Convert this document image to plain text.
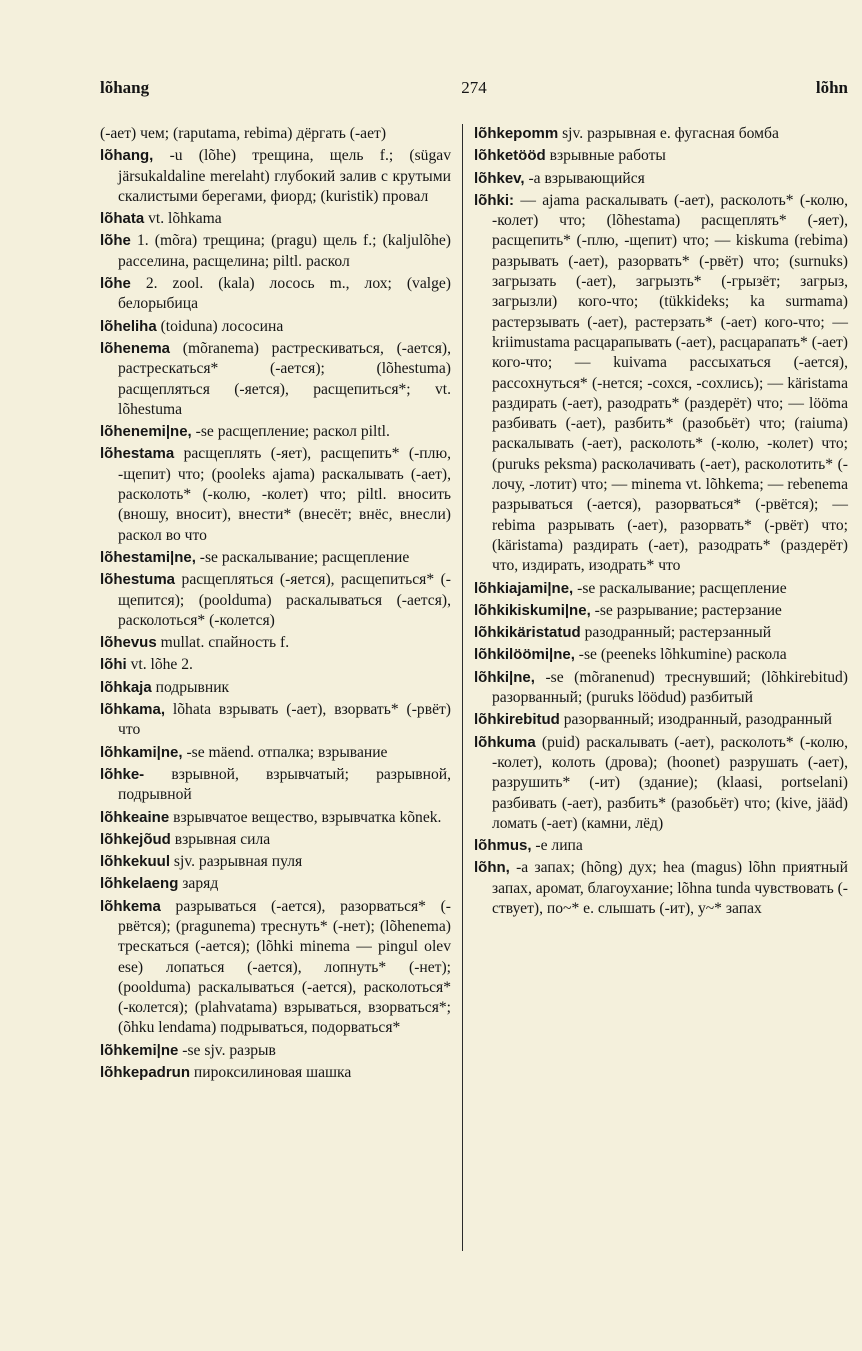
lõhang	274	lõhn

(-ает) чем; (raputama, rebima) дёргать (-ает)

lõhang, -u (lõhe) трещина, щель f.; (sügav järsukaldaline merelaht) глубокий залив с крутыми скалистыми берегами, фиорд; (kuristik) провал

lõhata vt. lõhkama

lõhe 1. (mõra) трещина; (pragu) щель f.; (kaljulõhe) расселина, расщелина; piltl. раскол

lõhe 2. zool. (kala) лосось m., лох; (valge) белорыбица

lõheliha (toiduna) лососина

lõhenema (mõranema) растрескиваться, (-ается), растрескаться* (-ается); (lõhestuma) расщепляться (-яется), расщепиться*; vt. lõhestuma

lõhenemi|ne, -se расщепление; раскол piltl.

lõhestama расщеплять (-яет), расщепить* (-плю, -щепит) что; (pooleks ajama) раскалывать (-ает), расколоть* (-колю, -колет) что; piltl. вносить (вношу, вносит), внести* (внесёт; внёс, внесли) раскол во что

lõhestami|ne, -se раскалывание; расщепление

lõhestuma расщепляться (-яется), расщепиться* (-щепится); (pooldumа) раскалываться (-ается), расколоться* (-колется)

lõhevus mullat. спайность f.

lõhi vt. lõhe 2.

lõhkaja подрывник

lõhkama, lõhata взрывать (-ает), взорвать* (-рвёт) что

lõhkami|ne, -se mäend. отпалка; взрывание

lõhke- взрывной, взрывчатый; разрывной, подрывной

lõhkeaine взрывчатое вещество, взрывчатка kõnek.

lõhkejõud взрывная сила

lõhkekuul sjv. разрывная пуля

lõhkelaeng заряд

lõhkema разрываться (-ается), разорваться* (-рвётся); (pragunema) треснуть* (-нет); (lõhenema) трескаться (-ается); (lõhki minema — pingul olev ese) лопаться (-ается), лопнуть* (-нет); (poolduma) раскалываться (-ается), расколоться* (-колется); (plahvatama) взрываться, взорваться*; (õhku lendama) подрываться, подорваться*

lõhkemi|ne -se sjv. разрыв

lõhkepadrun пироксилиновая шашка

lõhkepomm sjv. разрывная e. фугасная бомба

lõhketööd взрывные работы

lõhkev, -a взрывающийся

lõhki: — ajama раскалывать (-ает), расколоть* (-колю, -колет) что; (lõhestama) расщеплять* (-яет), расщепить* (-плю, -щепит) что; — kiskuma (rebima) разрывать (-ает), разорвать* (-рвёт) что; (surnuks) загрызать (-ает), загрызть* (-грызёт; загрыз, загрызли) кого-что; (tükkideks; ka surmama) растерзывать (-ает), растерзать* (-ает) кого-что; — kriimustama расцарапывать (-ает), расцарапать* (-ает) кого-что; — kuivama рассыхаться (-ается), рассохнуться* (-нется; -сохся, -сохлись); — käristama раздирать (-ает), разодрать* (раздерёт) что; — lööma разбивать (-ает), разбить* (разобьёт) что; (raiuma) раскалывать (-ает), расколоть* (-колю, -колет) что; (puruks peksma) расколачивать (-ает), расколотить* (-лочу, -лотит) что; — minema vt. lõhkema; — rebenema разрываться (-ается), разорваться* (-рвётся); — rebima разрывать (-ает), разорвать* (-рвёт) что; (käristama) раздирать (-ает), разодрать* (раздерёт) что, издирать, изодрать* что

lõhkiajami|ne, -se раскалывание; расщепление

lõhkikiskumi|ne, -se разрывание; растерзание

lõhkikäristatud разодранный; растерзанный

lõhkilöömi|ne, -se (peeneks lõhkumine) раскола

lõhki|ne, -se (mõranenud) треснувший; (lõhkirebitud) разорванный; (puruks löödud) разбитый

lõhkirebitud разорванный; изодранный, разодранный

lõhkuma (puid) раскалывать (-ает), расколоть* (-колю, -колет), колоть (дрова); (hoonet) разрушать (-ает), разрушить* (-ит) (здание); (klaasi, portselani) разбивать (-ает), разбить* (разобьёт) что; (kive, jääd) ломать (-ает) (камни, лёд)

lõhmus, -e липа

lõhn, -a запах; (hõng) дух; hea (magus) lõhn приятный запах, аромат, благоухание; lõhna tunda чувствовать (-ствует), по~* e. слышать (-ит), у~* запах
